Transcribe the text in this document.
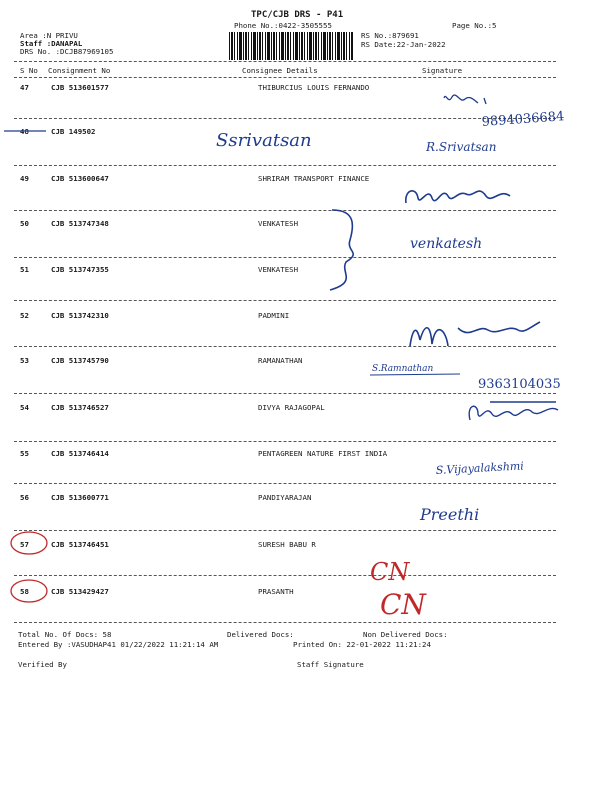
TPC/CJB DRS - P41
Phone No.:0422-3505555
Area :N PRIVU
Staff :DANAPAL
DRS No. :DCJB87969105
RS No.:879691
RS Date:22-Jan-2022
Page No.:5
S No Consignment No	Consignee Details	Signature
47	CJB 513601577	THIBURCIUS LOUIS FERNANDO
48	CJB 149502
49	CJB 513600647	SHRIRAM TRANSPORT FINANCE
50	CJB 513747348	VENKATESH
51	CJB 513747355	VENKATESH
52	CJB 513742310	PADMINI
53	CJB 513745790	RAMANATHAN
54	CJB 513746527	DIVYA RAJAGOPAL
55	CJB 513746414	PENTAGREEN NATURE FIRST INDIA
56	CJB 513600771	PANDIYARAJAN
57	CJB 513746451	SURESH BABU R
58	CJB 513429427	PRASANTH
Total No. Of Docs: 58	Delivered Docs:	Non Delivered Docs:
Entered By :VASUDHAP41 01/22/2022 11:21:14 AM	Printed On: 22-01-2022 11:21:24
Verified By	Staff Signature
9894036684
Ssrivatsan	R.Srivatsan
venkatesh
S.Ramnathan
9363104035
S.Vijayalakshmi
Preethi
CN
CN
